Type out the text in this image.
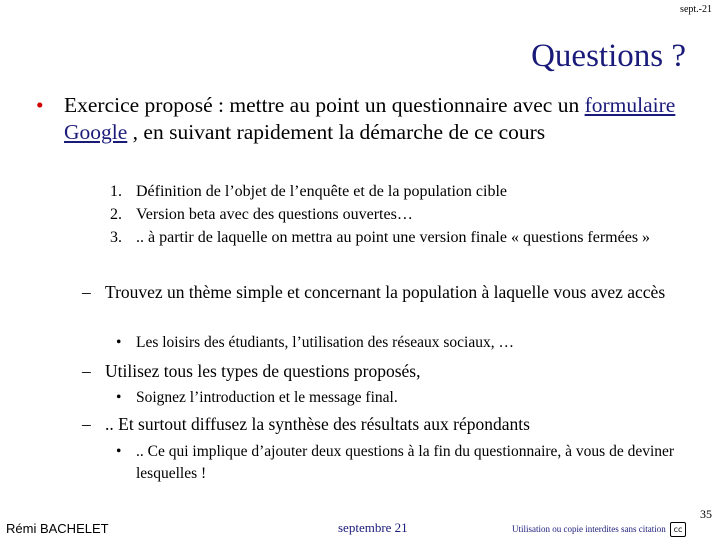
sept.-21
Questions ?
• Exercice proposé : mettre au point un questionnaire avec un formulaire Google , en suivant rapidement la démarche de ce cours
1. Définition de l’objet de l’enquête et de la population cible
2. Version beta avec des questions ouvertes…
3. .. à partir de laquelle on mettra au point une version finale « questions fermées »
– Trouvez un thème simple et concernant la population à laquelle vous avez accès
• Les loisirs des étudiants, l’utilisation des réseaux sociaux, …
– Utilisez tous les types de questions proposés,
• Soignez l’introduction et le message final.
– .. Et surtout diffusez la synthèse des résultats aux répondants
• .. Ce qui implique d’ajouter deux questions à la fin du questionnaire, à vous de deviner lesquelles !
35
Rémi BACHELET	septembre 21	Utilisation ou copie interdites sans citation cc
